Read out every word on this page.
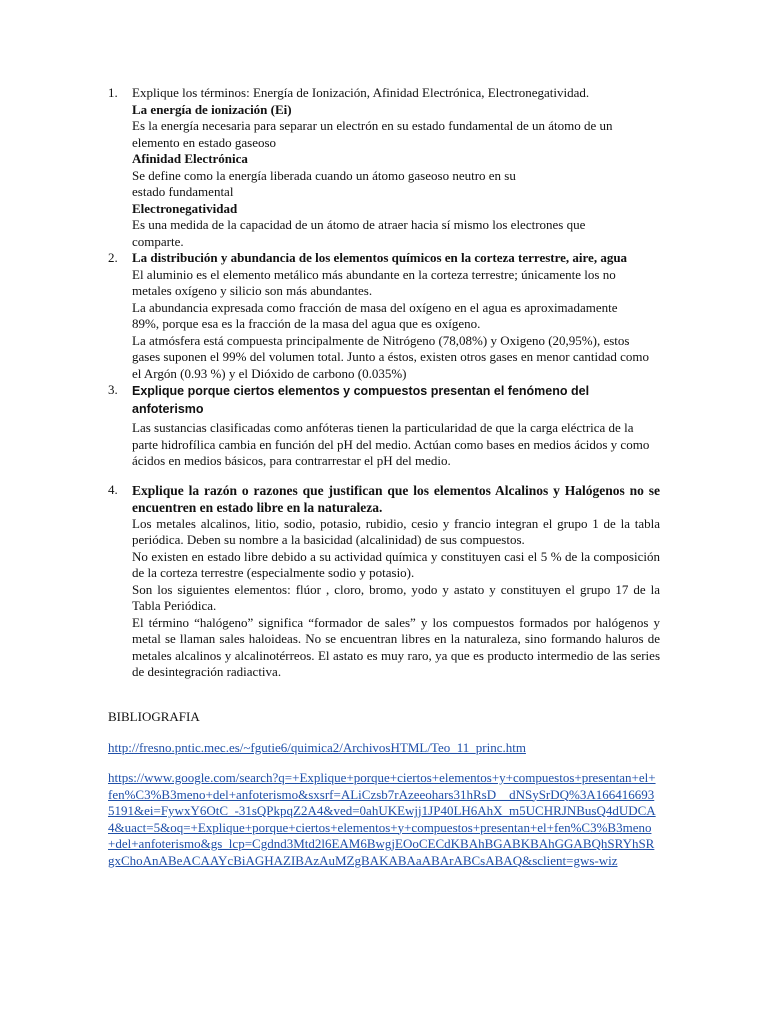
1. Explique los términos: Energía de Ionización, Afinidad Electrónica, Electronegatividad.

La energía de ionización (Ei)

Es la energía necesaria para separar un electrón en su estado fundamental de un átomo de un elemento en estado gaseoso

Afinidad Electrónica

Se define como la energía liberada cuando un átomo gaseoso neutro en su estado fundamental

Electronegatividad

Es una medida de la capacidad de un átomo de atraer hacia sí mismo los electrones que comparte.

2. La distribución y abundancia de los elementos químicos en la corteza terrestre, aire, agua

El aluminio es el elemento metálico más abundante en la corteza terrestre; únicamente los no metales oxígeno y silicio son más abundantes.

La abundancia expresada como fracción de masa del oxígeno en el agua es aproximadamente 89%, porque esa es la fracción de la masa del agua que es oxígeno.

La atmósfera está compuesta principalmente de Nitrógeno (78,08%) y Oxigeno (20,95%), estos gases suponen el 99% del volumen total. Junto a éstos, existen otros gases en menor cantidad como el Argón (0.93 %) y el Dióxido de carbono (0.035%)

3. Explique porque ciertos elementos y compuestos presentan el fenómeno del anfoterismo

Las sustancias clasificadas como anfóteras tienen la particularidad de que la carga eléctrica de la parte hidrofílica cambia en función del pH del medio. Actúan como bases en medios ácidos y como ácidos en medios básicos, para contrarrestar el pH del medio.

4. Explique la razón o razones que justifican que los elementos Alcalinos y Halógenos no se encuentren en estado libre en la naturaleza.

Los metales alcalinos, litio, sodio, potasio, rubidio, cesio y francio integran el grupo 1 de la tabla periódica. Deben su nombre a la basicidad (alcalinidad) de sus compuestos.

No existen en estado libre debido a su actividad química y constituyen casi el 5 % de la composición de la corteza terrestre (especialmente sodio y potasio).

Son los siguientes elementos: flúor , cloro, bromo, yodo y astato y constituyen el grupo 17 de la Tabla Periódica.

El término “halógeno” significa “formador de sales” y los compuestos formados por halógenos y metal se llaman sales haloideas. No se encuentran libres en la naturaleza, sino formando haluros de metales alcalinos y alcalinotérreos. El astato es muy raro, ya que es producto intermedio de las series de desintegración radiactiva.

BIBLIOGRAFIA

http://fresno.pntic.mec.es/~fgutie6/quimica2/ArchivosHTML/Teo_11_princ.htm
https://www.google.com/search?q=+Explique+porque+ciertos+elementos+y+compuestos+presentan+el+fen%C3%B3meno+del+anfoterismo&sxsrf=ALiCzsb7rAzeeohars31hRsD__dNSySrDQ%3A1664166935191&ei=FywxY6OtC_-31sQPkpqZ2A4&ved=0ahUKEwjj1JP40LH6AhX_m5UCHRJNBusQ4dUDCA4&uact=5&oq=+Explique+porque+ciertos+elementos+y+compuestos+presentan+el+fen%C3%B3meno+del+anfoterismo&gs_lcp=Cgdnd3Mtd2l6EAM6BwgjEOoCECdKBAhBGABKBAhGGABQhSRYhSRgxChoAnABeACAAYcBiAGHAZIBAzAuMZgBAKABAaABArABCsABAQ&sclient=gws-wiz
